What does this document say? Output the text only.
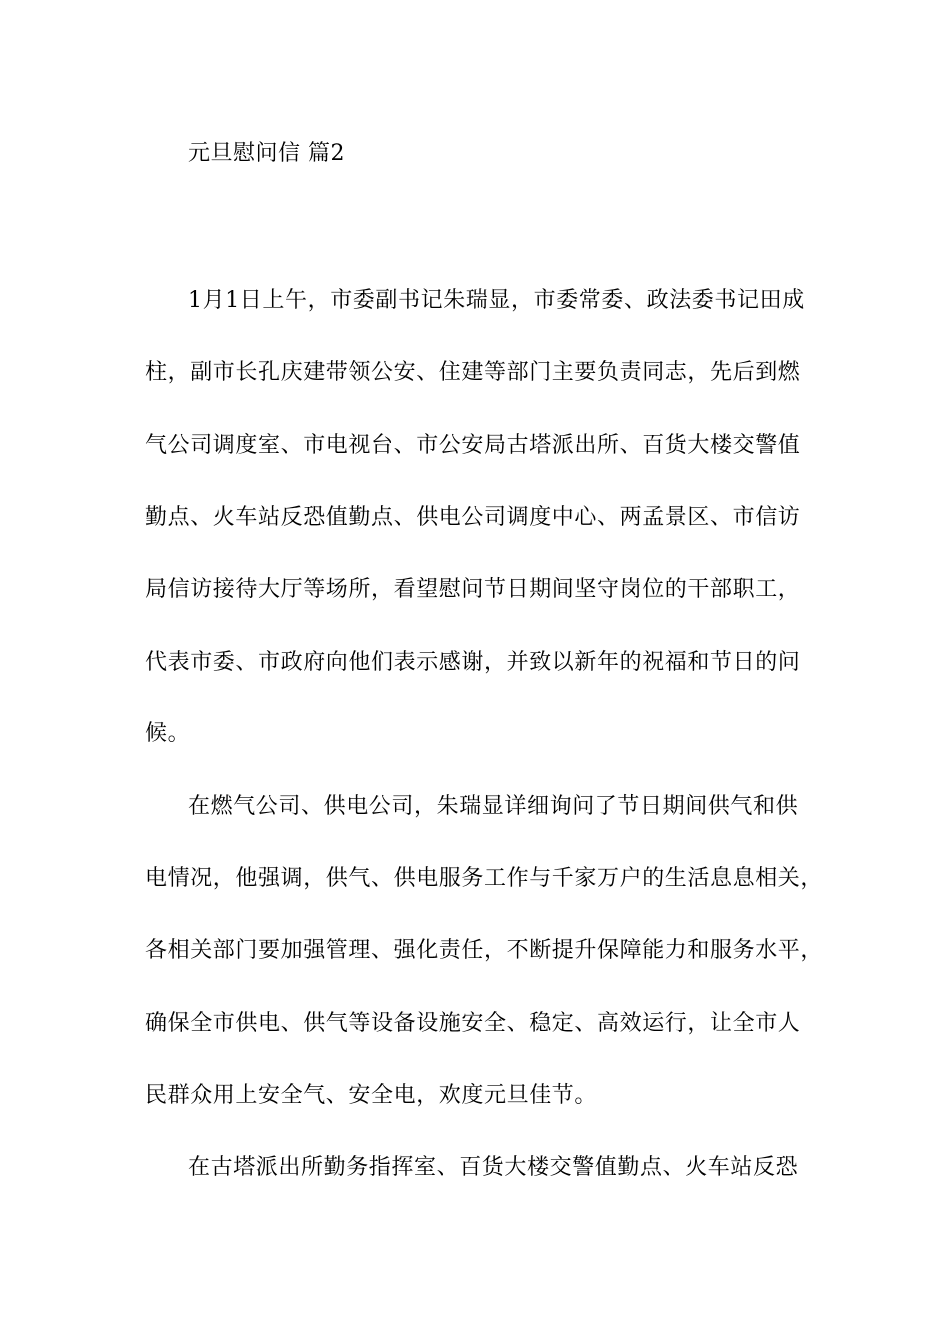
元旦慰问信 篇2
1月1日上午，市委副书记朱瑞显，市委常委、政法委书记田成
柱，副市长孔庆建带领公安、住建等部门主要负责同志，先后到燃
气公司调度室、市电视台、市公安局古塔派出所、百货大楼交警值
勤点、火车站反恐值勤点、供电公司调度中心、两孟景区、市信访
局信访接待大厅等场所，看望慰问节日期间坚守岗位的干部职工，
代表市委、市政府向他们表示感谢，并致以新年的祝福和节日的问
候。
在燃气公司、供电公司，朱瑞显详细询问了节日期间供气和供
电情况，他强调，供气、供电服务工作与千家万户的生活息息相关，
各相关部门要加强管理、强化责任，不断提升保障能力和服务水平，
确保全市供电、供气等设备设施安全、稳定、高效运行，让全市人
民群众用上安全气、安全电，欢度元旦佳节。
在古塔派出所勤务指挥室、百货大楼交警值勤点、火车站反恐
